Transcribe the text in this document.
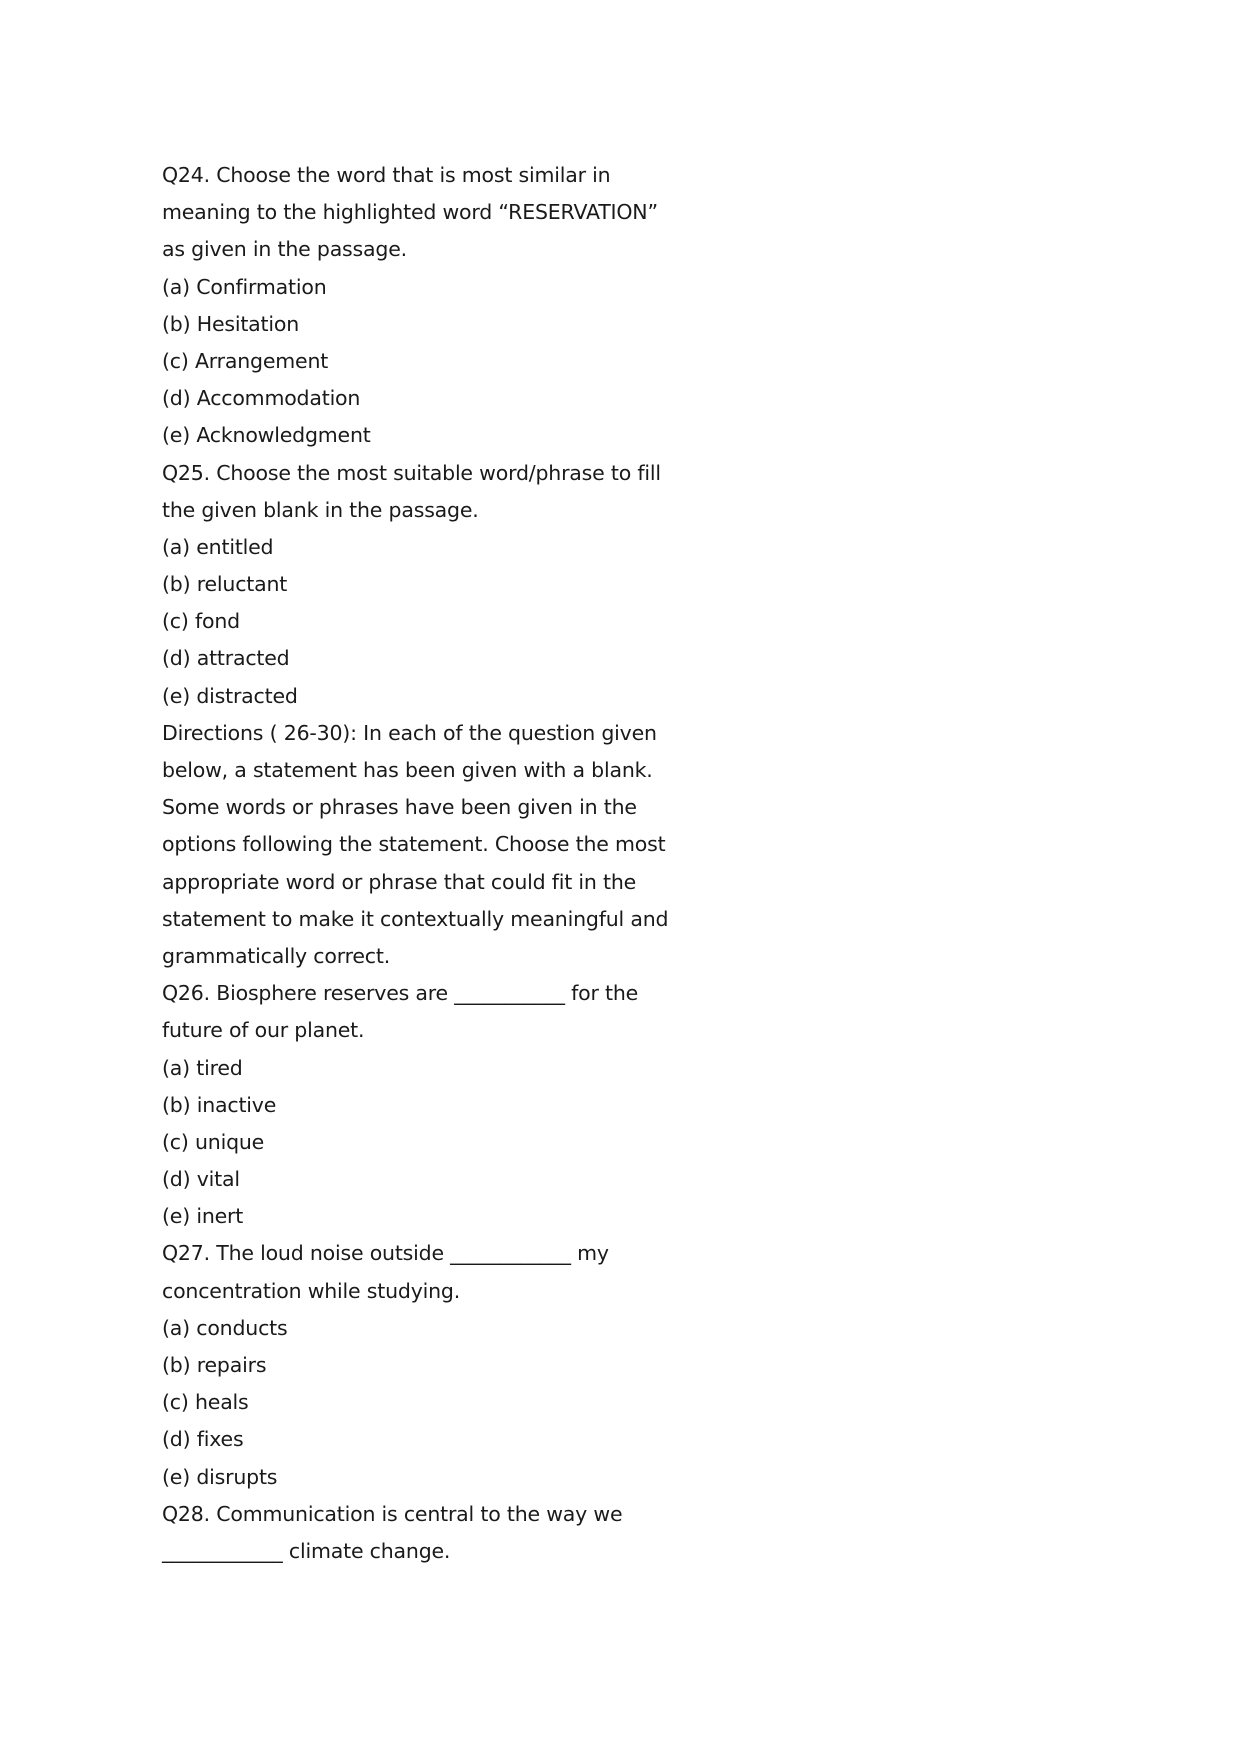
Q24. Choose the word that is most similar in
meaning to the highlighted word “RESERVATION”
as given in the passage.
(a) Confirmation
(b) Hesitation
(c) Arrangement
(d) Accommodation
(e) Acknowledgment
Q25. Choose the most suitable word/phrase to fill
the given blank in the passage.
(a) entitled
(b) reluctant
(c) fond
(d) attracted
(e) distracted
Directions ( 26-30): In each of the question given
below, a statement has been given with a blank.
Some words or phrases have been given in the
options following the statement. Choose the most
appropriate word or phrase that could fit in the
statement to make it contextually meaningful and
grammatically correct.
Q26. Biosphere reserves are ___________ for the
future of our planet.
(a) tired
(b) inactive
(c) unique
(d) vital
(e) inert
Q27. The loud noise outside ____________ my
concentration while studying.
(a) conducts
(b) repairs
(c) heals
(d) fixes
(e) disrupts
Q28. Communication is central to the way we
____________ climate change.
